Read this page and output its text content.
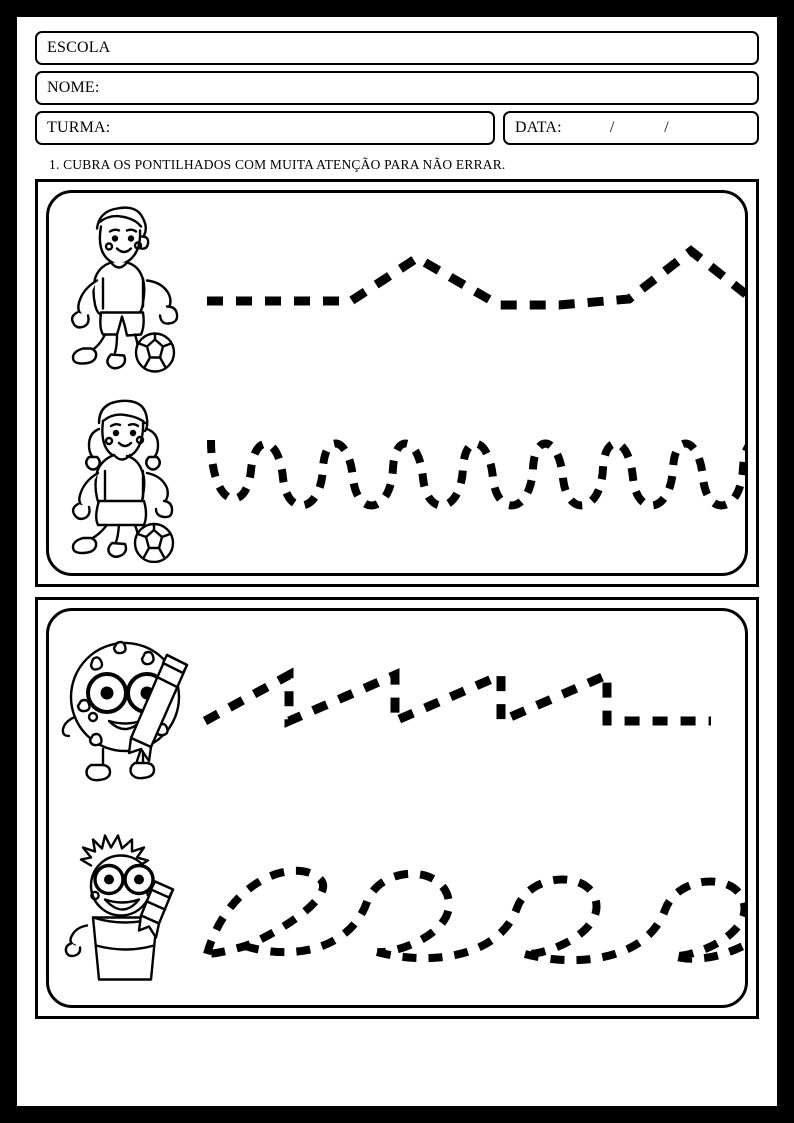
ESCOLA
NOME:
TURMA:	DATA:	/	/
1. CUBRA OS PONTILHADOS COM MUITA ATENÇÃO PARA NÃO ERRAR.
